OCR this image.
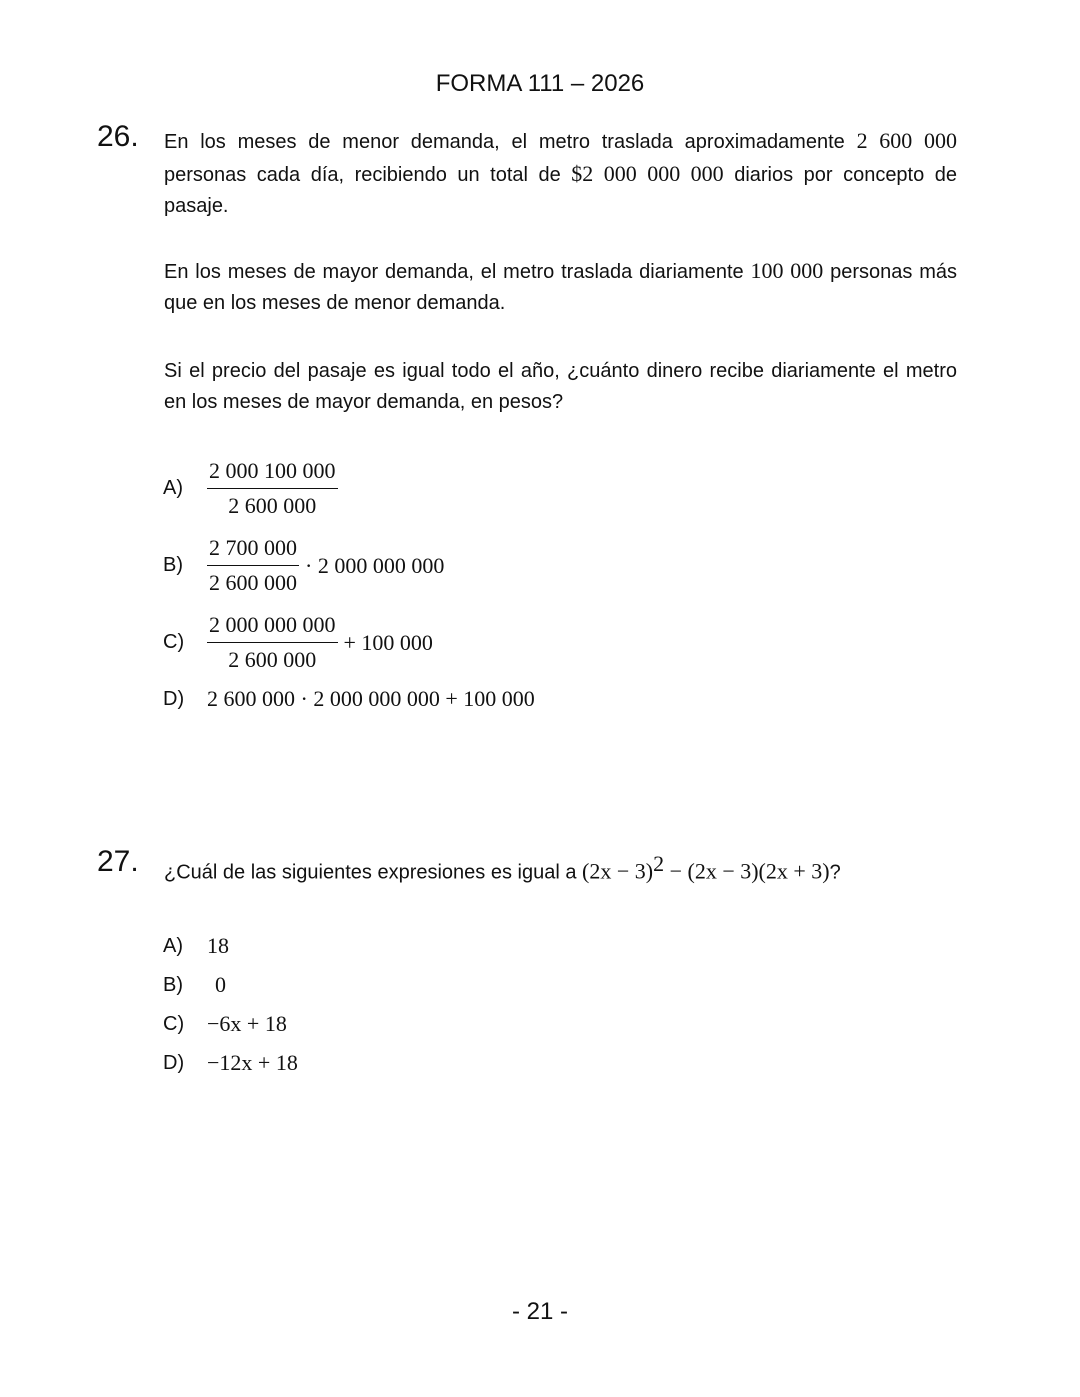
FORMA 111 – 2026
26. En los meses de menor demanda, el metro traslada aproximadamente 2 600 000 personas cada día, recibiendo un total de $2 000 000 000 diarios por concepto de pasaje.
En los meses de mayor demanda, el metro traslada diariamente 100 000 personas más que en los meses de menor demanda.
Si el precio del pasaje es igual todo el año, ¿cuánto dinero recibe diariamente el metro en los meses de mayor demanda, en pesos?
A)	$\frac{2 000 100 000}{2 600 000}$
B)	$\frac{2 700 000}{2 600 000} \cdot 2$ 000 000 000
C)	$\frac{2 000 000 000}{2 600 000} + 100$ 000
D)	2 600 000 · 2 000 000 000 + 100 000
27. ¿Cuál de las siguientes expresiones es igual a $(2x - 3)^2 - (2x - 3)(2x + 3)$?
A)	18
B)	0
C)	−6x + 18
D)	−12x + 18
- 21 -
